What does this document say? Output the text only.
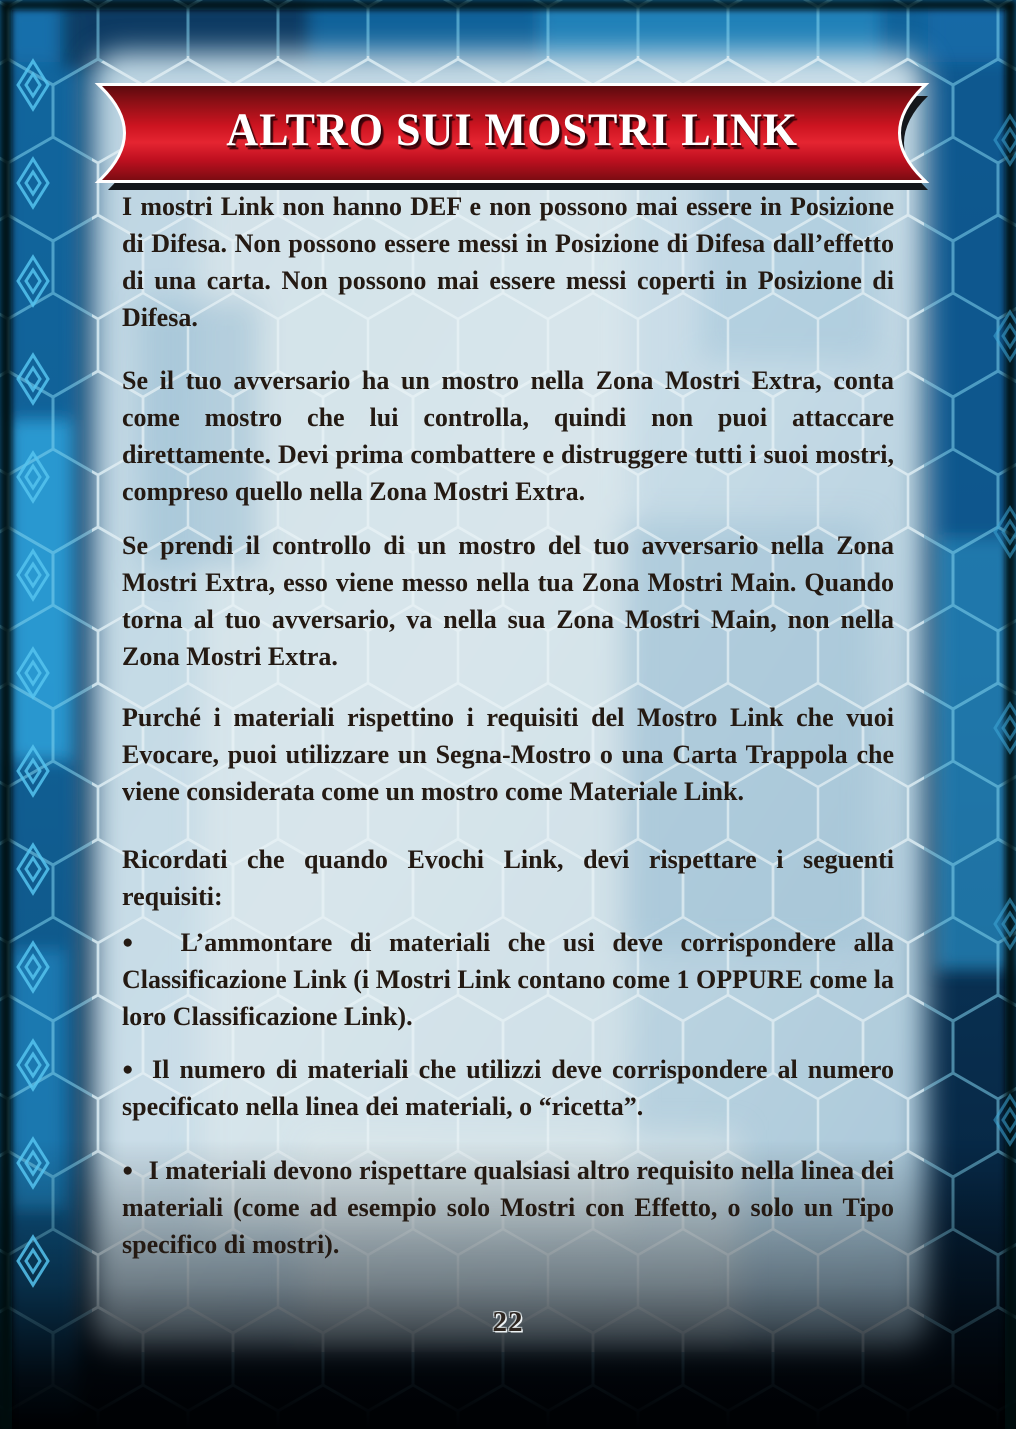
ALTRO SUI MOSTRI LINK

I mostri Link non hanno DEF e non possono mai essere in Posizione di Difesa. Non possono essere messi in Posizione di Difesa dall’effetto di una carta. Non possono mai essere messi coperti in Posizione di Difesa.

Se il tuo avversario ha un mostro nella Zona Mostri Extra, conta come mostro che lui controlla, quindi non puoi attaccare direttamente. Devi prima combattere e distruggere tutti i suoi mostri, compreso quello nella Zona Mostri Extra.

Se prendi il controllo di un mostro del tuo avversario nella Zona Mostri Extra, esso viene messo nella tua Zona Mostri Main. Quando torna al tuo avversario, va nella sua Zona Mostri Main, non nella Zona Mostri Extra.

Purché i materiali rispettino i requisiti del Mostro Link che vuoi Evocare, puoi utilizzare un Segna-Mostro o una Carta Trappola che viene considerata come un mostro come Materiale Link.

Ricordati che quando Evochi Link, devi rispettare i seguenti requisiti:

● L’ammontare di materiali che usi deve corrispondere alla Classificazione Link (i Mostri Link contano come 1 OPPURE come la loro Classificazione Link).

● Il numero di materiali che utilizzi deve corrispondere al numero specificato nella linea dei materiali, o “ricetta”.

● I materiali devono rispettare qualsiasi altro requisito nella linea dei materiali (come ad esempio solo Mostri con Effetto, o solo un Tipo specifico di mostri).

22
